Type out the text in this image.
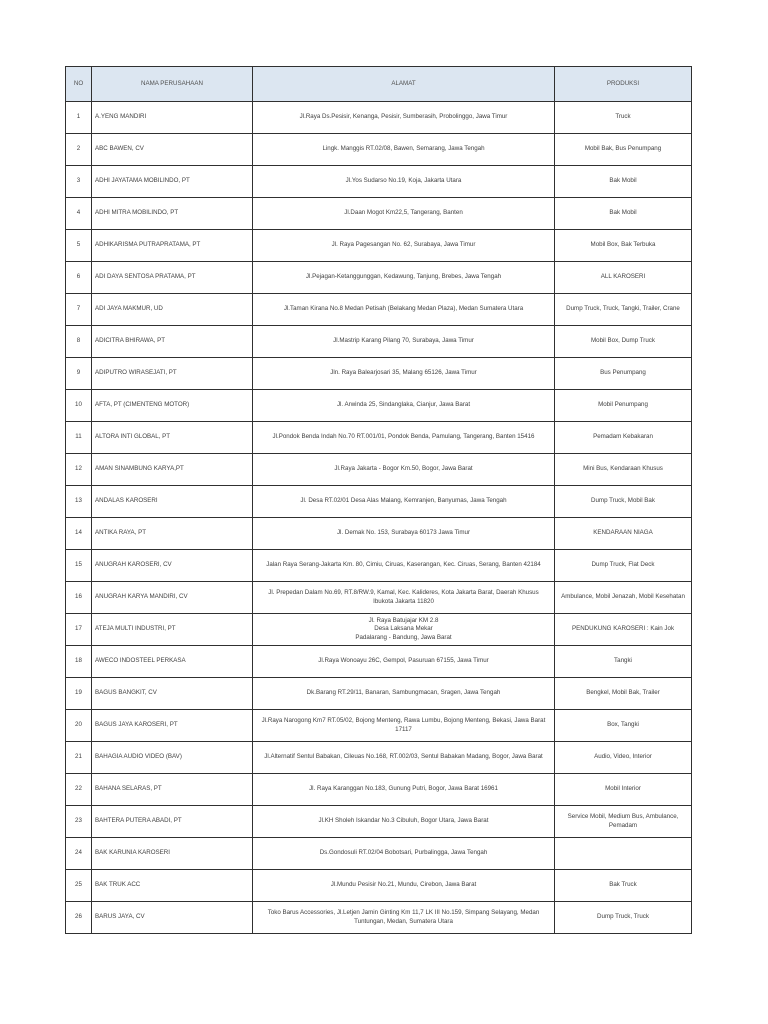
NO	NAMA PERUSAHAAN	ALAMAT	PRODUKSI
1	A.YENG MANDIRI	Jl.Raya Ds.Pesisir, Kenanga, Pesisir, Sumberasih, Probolinggo, Jawa Timur	Truck
2	ABC BAWEN, CV	Lingk. Manggis RT.02/08, Bawen, Semarang, Jawa Tengah	Mobil Bak, Bus Penumpang
3	ADHI JAYATAMA MOBILINDO, PT	Jl.Yos Sudarso No.19, Koja, Jakarta Utara	Bak Mobil
4	ADHI MITRA MOBILINDO, PT	Jl.Daan Mogot Km22,5, Tangerang, Banten	Bak Mobil
5	ADHIKARISMA PUTRAPRATAMA, PT	Jl. Raya Pagesangan No. 62, Surabaya, Jawa Timur	Mobil Box, Bak Terbuka
6	ADI DAYA SENTOSA PRATAMA, PT	Jl.Pejagan-Ketanggunggan, Kedawung, Tanjung, Brebes, Jawa Tengah	ALL KAROSERI
7	ADI JAYA MAKMUR, UD	Jl.Taman Kirana No.8 Medan Petisah (Belakang Medan Plaza), Medan Sumatera Utara	Dump Truck, Truck, Tangki, Trailer, Crane
8	ADICITRA BHIRAWA, PT	Jl.Mastrip Karang Pilang 70, Surabaya, Jawa Timur	Mobil Box, Dump Truck
9	ADIPUTRO WIRASEJATI, PT	Jln. Raya Balearjosari 35, Malang 65126, Jawa Timur	Bus Penumpang
10	AFTA, PT (CIMENTENG MOTOR)	Jl. Arwinda 25, Sindanglaka, Cianjur, Jawa Barat	Mobil Penumpang
11	ALTORA INTI GLOBAL, PT	Jl.Pondok Benda Indah No.70 RT.001/01, Pondok Benda, Pamulang, Tangerang, Banten 15416	Pemadam Kebakaran
12	AMAN SINAMBUNG KARYA,PT	Jl.Raya Jakarta - Bogor Km.50, Bogor, Jawa Barat	Mini Bus, Kendaraan Khusus
13	ANDALAS KAROSERI	Jl. Desa RT.02/01 Desa Alas Malang, Kemranjen, Banyumas, Jawa Tengah	Dump Truck, Mobil Bak
14	ANTIKA RAYA, PT	Jl. Demak No. 153, Surabaya 60173 Jawa Timur	KENDARAAN NIAGA
15	ANUGRAH KAROSERI, CV	Jalan Raya Serang-Jakarta Km. 80, Cimiu, Ciruas, Kaserangan, Kec. Ciruas, Serang, Banten 42184	Dump Truck, Flat Deck
16	ANUGRAH KARYA MANDIRI, CV	Jl. Prepedan Dalam No.69, RT.8/RW.9, Kamal, Kec. Kalideres, Kota Jakarta Barat, Daerah Khusus
Ibukota Jakarta 11820	Ambulance, Mobil Jenazah, Mobil Kesehatan
17	ATEJA MULTI INDUSTRI, PT	Jl. Raya Batujajar KM 2.8
Desa Laksana Mekar
Padalarang - Bandung, Jawa Barat	PENDUKUNG KAROSERI : Kain Jok
18	AWECO INDOSTEEL PERKASA	Jl.Raya Wonoayu 26C, Gempol, Pasuruan 67155, Jawa Timur	Tangki
19	BAGUS BANGKIT, CV	Dk.Barang RT.29/11, Banaran, Sambungmacan, Sragen, Jawa Tengah	Bengkel, Mobil Bak, Trailer
20	BAGUS JAYA KAROSERI, PT	Jl.Raya Narogong Km7 RT.05/02, Bojong Menteng, Rawa Lumbu, Bojong Menteng, Bekasi, Jawa Barat
17117	Box, Tangki
21	BAHAGIA AUDIO VIDEO (BAV)	Jl.Alternatif Sentul Babakan, Cileuas No.168, RT.002/03, Sentul Babakan Madang, Bogor, Jawa Barat	Audio, Video, Interior
22	BAHANA SELARAS, PT	Jl. Raya Karanggan No.183, Gunung Putri, Bogor, Jawa Barat 16961	Mobil Interior
23	BAHTERA PUTERA ABADI, PT	Jl.KH Sholeh Iskandar No.3 Cibuluh, Bogor Utara, Jawa Barat	Service Mobil, Medium Bus, Ambulance,
Pemadam
24	BAK KARUNIA KAROSERI	Ds.Gondosuli RT.02/04 Bobotsari, Purbalingga, Jawa Tengah	
25	BAK TRUK ACC	Jl.Mundu Pesisir No.21, Mundu, Cirebon, Jawa Barat	Bak Truck
26	BARUS JAYA, CV	Toko Barus Accessories, Jl.Letjen Jamin Ginting Km 11,7 LK III No.159, Simpang Selayang, Medan
Tuntungan, Medan, Sumatera Utara	Dump Truck, Truck
